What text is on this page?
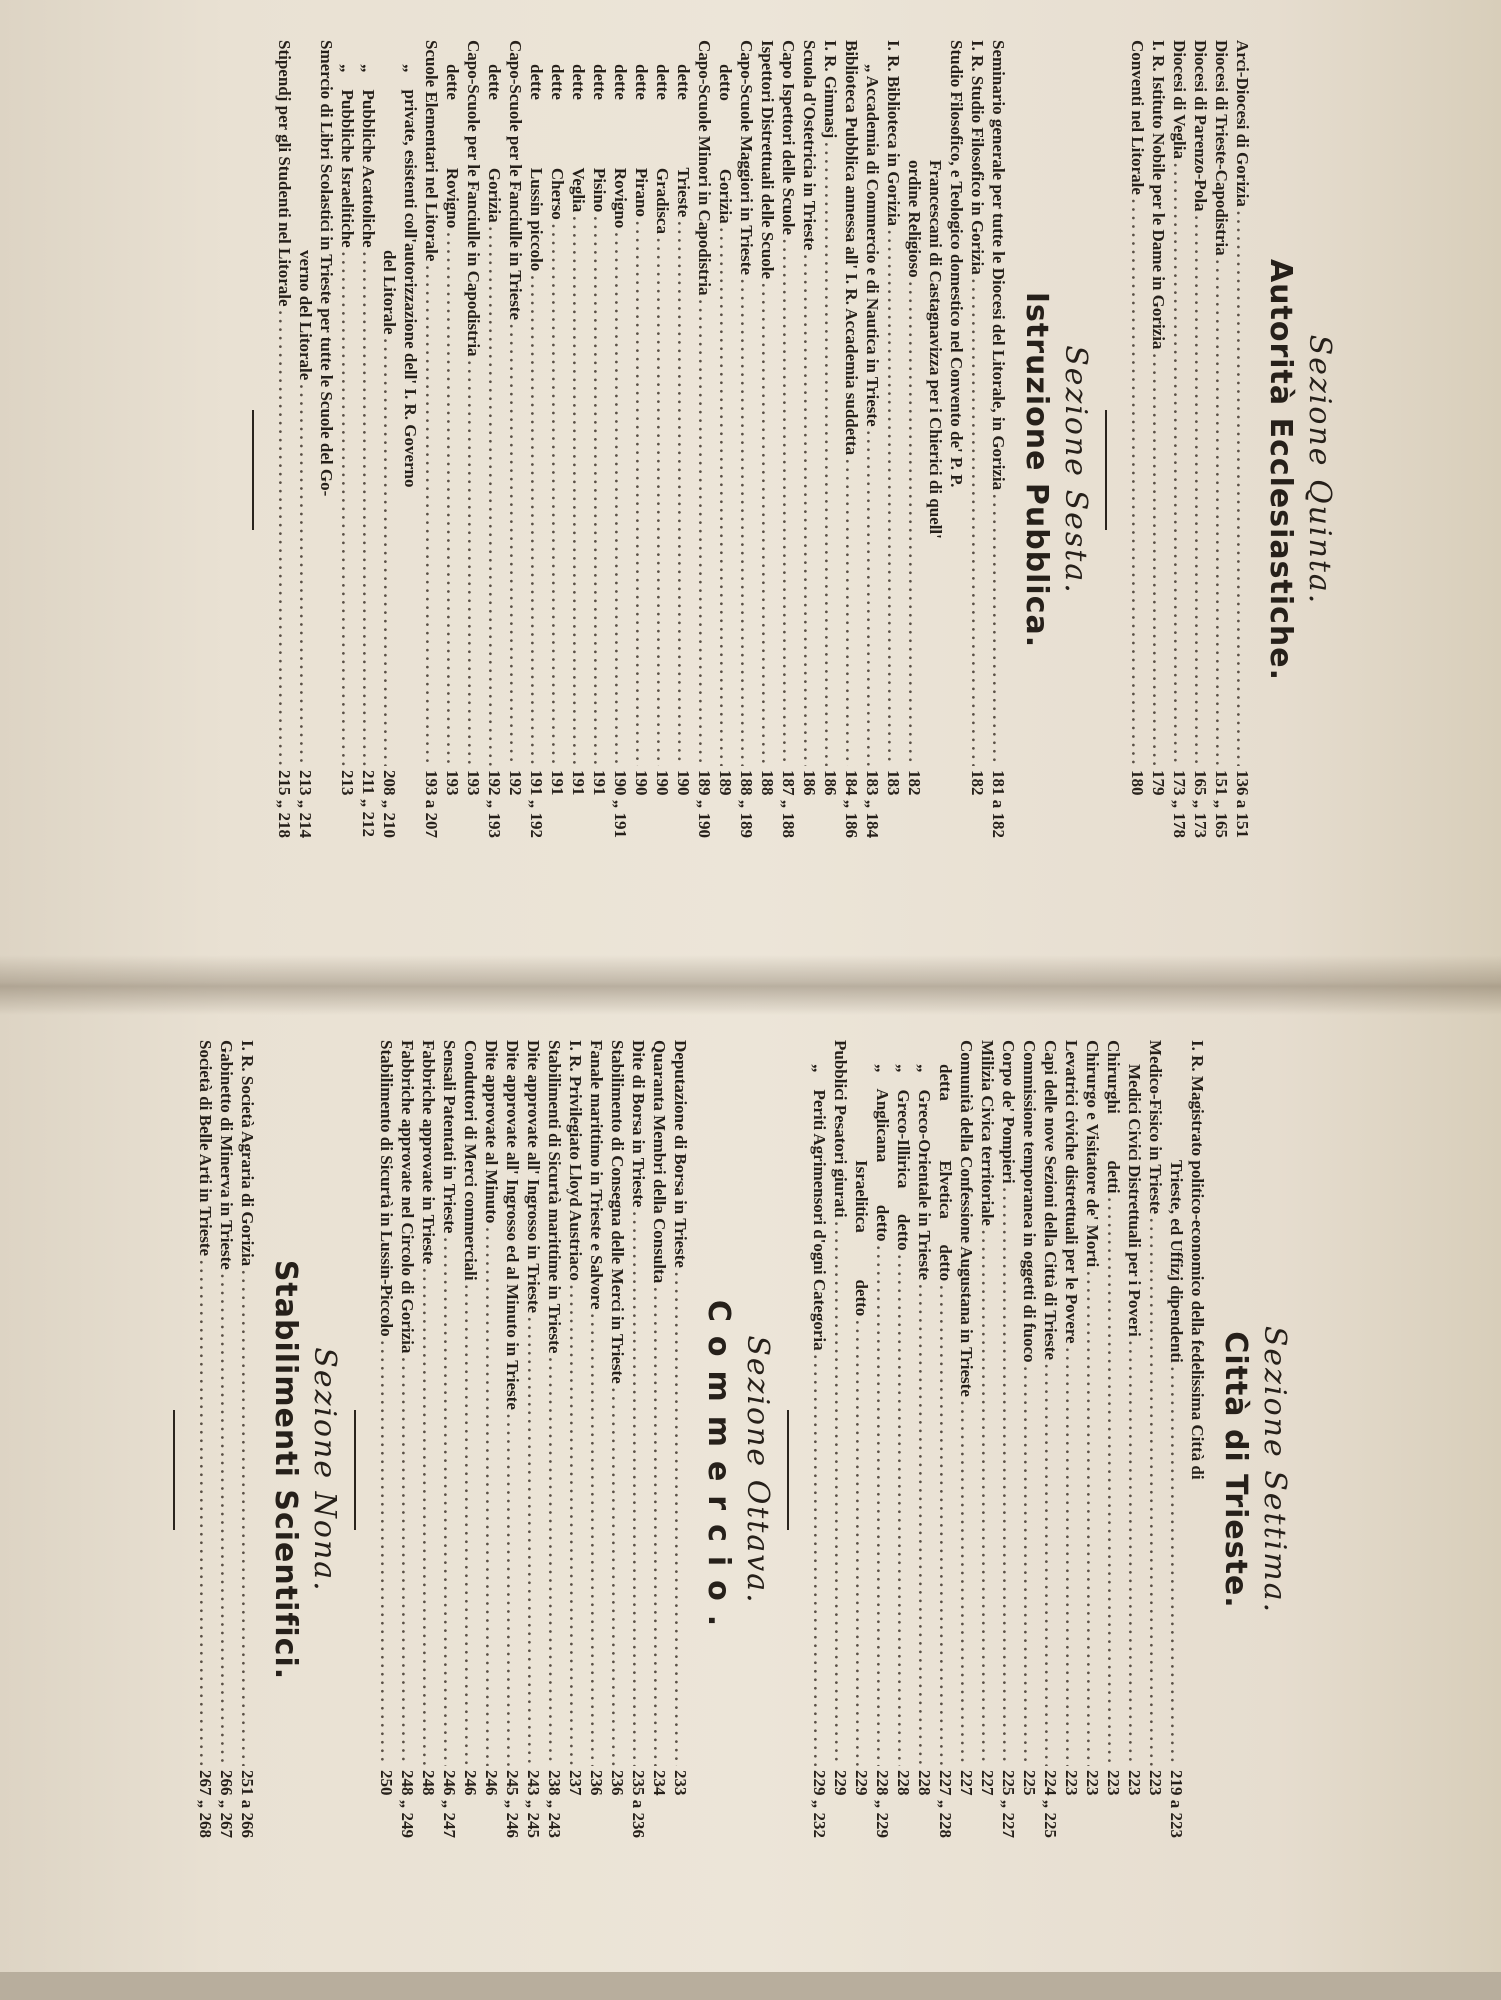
Sezione Quinta.
Autorità Ecclesiastiche.
Arci-Diocesi di Gorizia
. . .
136 a 151
Diocesi di Trieste-Capodistria
. . .
151 „ 165
Diocesi di Parenzo-Pola
. . .
165 „ 173
Diocesi di Veglia
. . .
173 „ 178
I. R. Istituto Nobile per le Dame in Gorizia
. . .
179
Conventi nel Litorale
. . .
180
Sezione Sesta.
Istruzione Pubblica.
Seminario generale per tutte le Diocesi del Litorale, in Gorizia
. . .
181 a 182
I. R. Studio Filosofico in Gorizia
. . .
182
Studio Filosofico, e Teologico domestico nel Convento de' P. P.
Francescani di Castagnavizza per i Chierici di quell'
ordine Religioso
. . .
182
I. R. Biblioteca in Gorizia
. . .
183
„ Accademia di Commercio e di Nautica in Trieste
. . .
183 „ 184
Biblioteca Pubblica annessa all' I. R. Accademia suddetta
. . .
184 „ 186
I. R. Gimnasj
. . .
186
Scuola d'Ostetricia in Trieste
. . .
186
Capo Ispettori delle Scuole
. . .
187 „ 188
Ispettori Distrettuali delle Scuole
. . .
188
Capo-Scuole Maggiori in Trieste
. . .
188 „ 189
detto                Gorizia
. . .
189
Capo-Scuole Minori in Capodistria
. . .
189 „ 190
dette                Trieste
. . .
190
dette                Gradisca
. . .
190
dette                Pirano
. . .
190
dette                Rovigno
. . .
190 „ 191
dette                Pisino
. . .
191
dette                Veglia
. . .
191
dette                Cherso
. . .
191
dette                Lussin piccolo
. . .
191 „ 192
Capo-Scuole per le Fanciulle in Trieste
. . .
192
dette                Gorizia
. . .
192 „ 193
Capo-Scuole per le Fanciulle in Capodistria
. . .
193
dette                Rovigno
. . .
193
Scuole Elementari nel Litorale
. . .
193 a 207
„    private, esistenti coll'autorizzazione dell' I. R. Governo
del Litorale
. . .
208 „ 210
„    Pubbliche Acattoliche
. . .
211 „ 212
„    Pubbliche Israelitiche
. . .
213
Smercio di Libri Scolastici in Trieste per tutte le Scuole del Go-
verno del Litorale
. . .
213 „ 214
Stipendj per gli Studenti nel Litorale
. . .
215 „ 218
Sezione Settima.
Città di Trieste.
I. R. Magistrato politico-economico della fedelissima Città di
Trieste, ed Uffizj dipendenti
. . .
219 a 223
Medico-Fisico in Trieste
. . .
223
Medici Civici Distrettuali per i Poveri
. . .
223
Chirurghi           detti
. . .
223
Chirurgo e Visitatore de' Morti
. . .
223
Levatrici civiche distrettuali per le Povere
. . .
223
Capi delle nove Sezioni della Città di Trieste
. . .
224 „ 225
Commissione temporanea in oggetti di fuoco
. . .
225
Corpo de' Pompieri
. . .
225 „ 227
Milizia Civica territoriale
. . .
227
Comunità della Confessione Augustana in Trieste
. . .
227
detta              Elvetica      detto
. . .
227 „ 228
„    Greco-Orientale in Trieste
. . .
228
„    Greco-Illirica      detto
. . .
228
„    Anglicana          detto
. . .
228 „ 229
Israelitica           detto
. . .
229
Pubblici Pesatori giurati
. . .
229
„    Periti Agrimensori d'ogni Categoria
. . .
229 „ 232
Sezione Ottava.
Commercio.
Deputazione di Borsa in Trieste
. . .
233
Quaranta Membri della Consulta
. . .
234
Dite di Borsa in Trieste
. . .
235 a 236
Stabilimento di Consegna delle Merci in Trieste
. . .
236
Fanale marittimo in Trieste e Salvore
. . .
236
I. R. Privilegiato Lloyd Austriaco
. . .
237
Stabilimenti di Sicurtà marittime in Trieste
. . .
238 „ 243
Dite approvate all' Ingrosso in Trieste
. . .
243 „ 245
Dite approvate all' Ingrosso ed al Minuto in Trieste
. . .
245 „ 246
Dite approvate al Minuto
. . .
246
Conduttori di Merci commerciali
. . .
246
Sensali Patentati in Trieste
. . .
246 „ 247
Fabbriche approvate in Trieste
. . .
248
Fabbriche approvate nel Circolo di Gorizia
. . .
248 „ 249
Stabilimento di Sicurtà in Lussin-Piccolo
. . .
250
Sezione Nona.
Stabilimenti Scientifici.
I. R. Società Agraria di Gorizia
. . .
251 a 266
Gabinetto di Minerva in Trieste
. . .
266 „ 267
Società di Belle Arti in Trieste
. . .
267 „ 268
